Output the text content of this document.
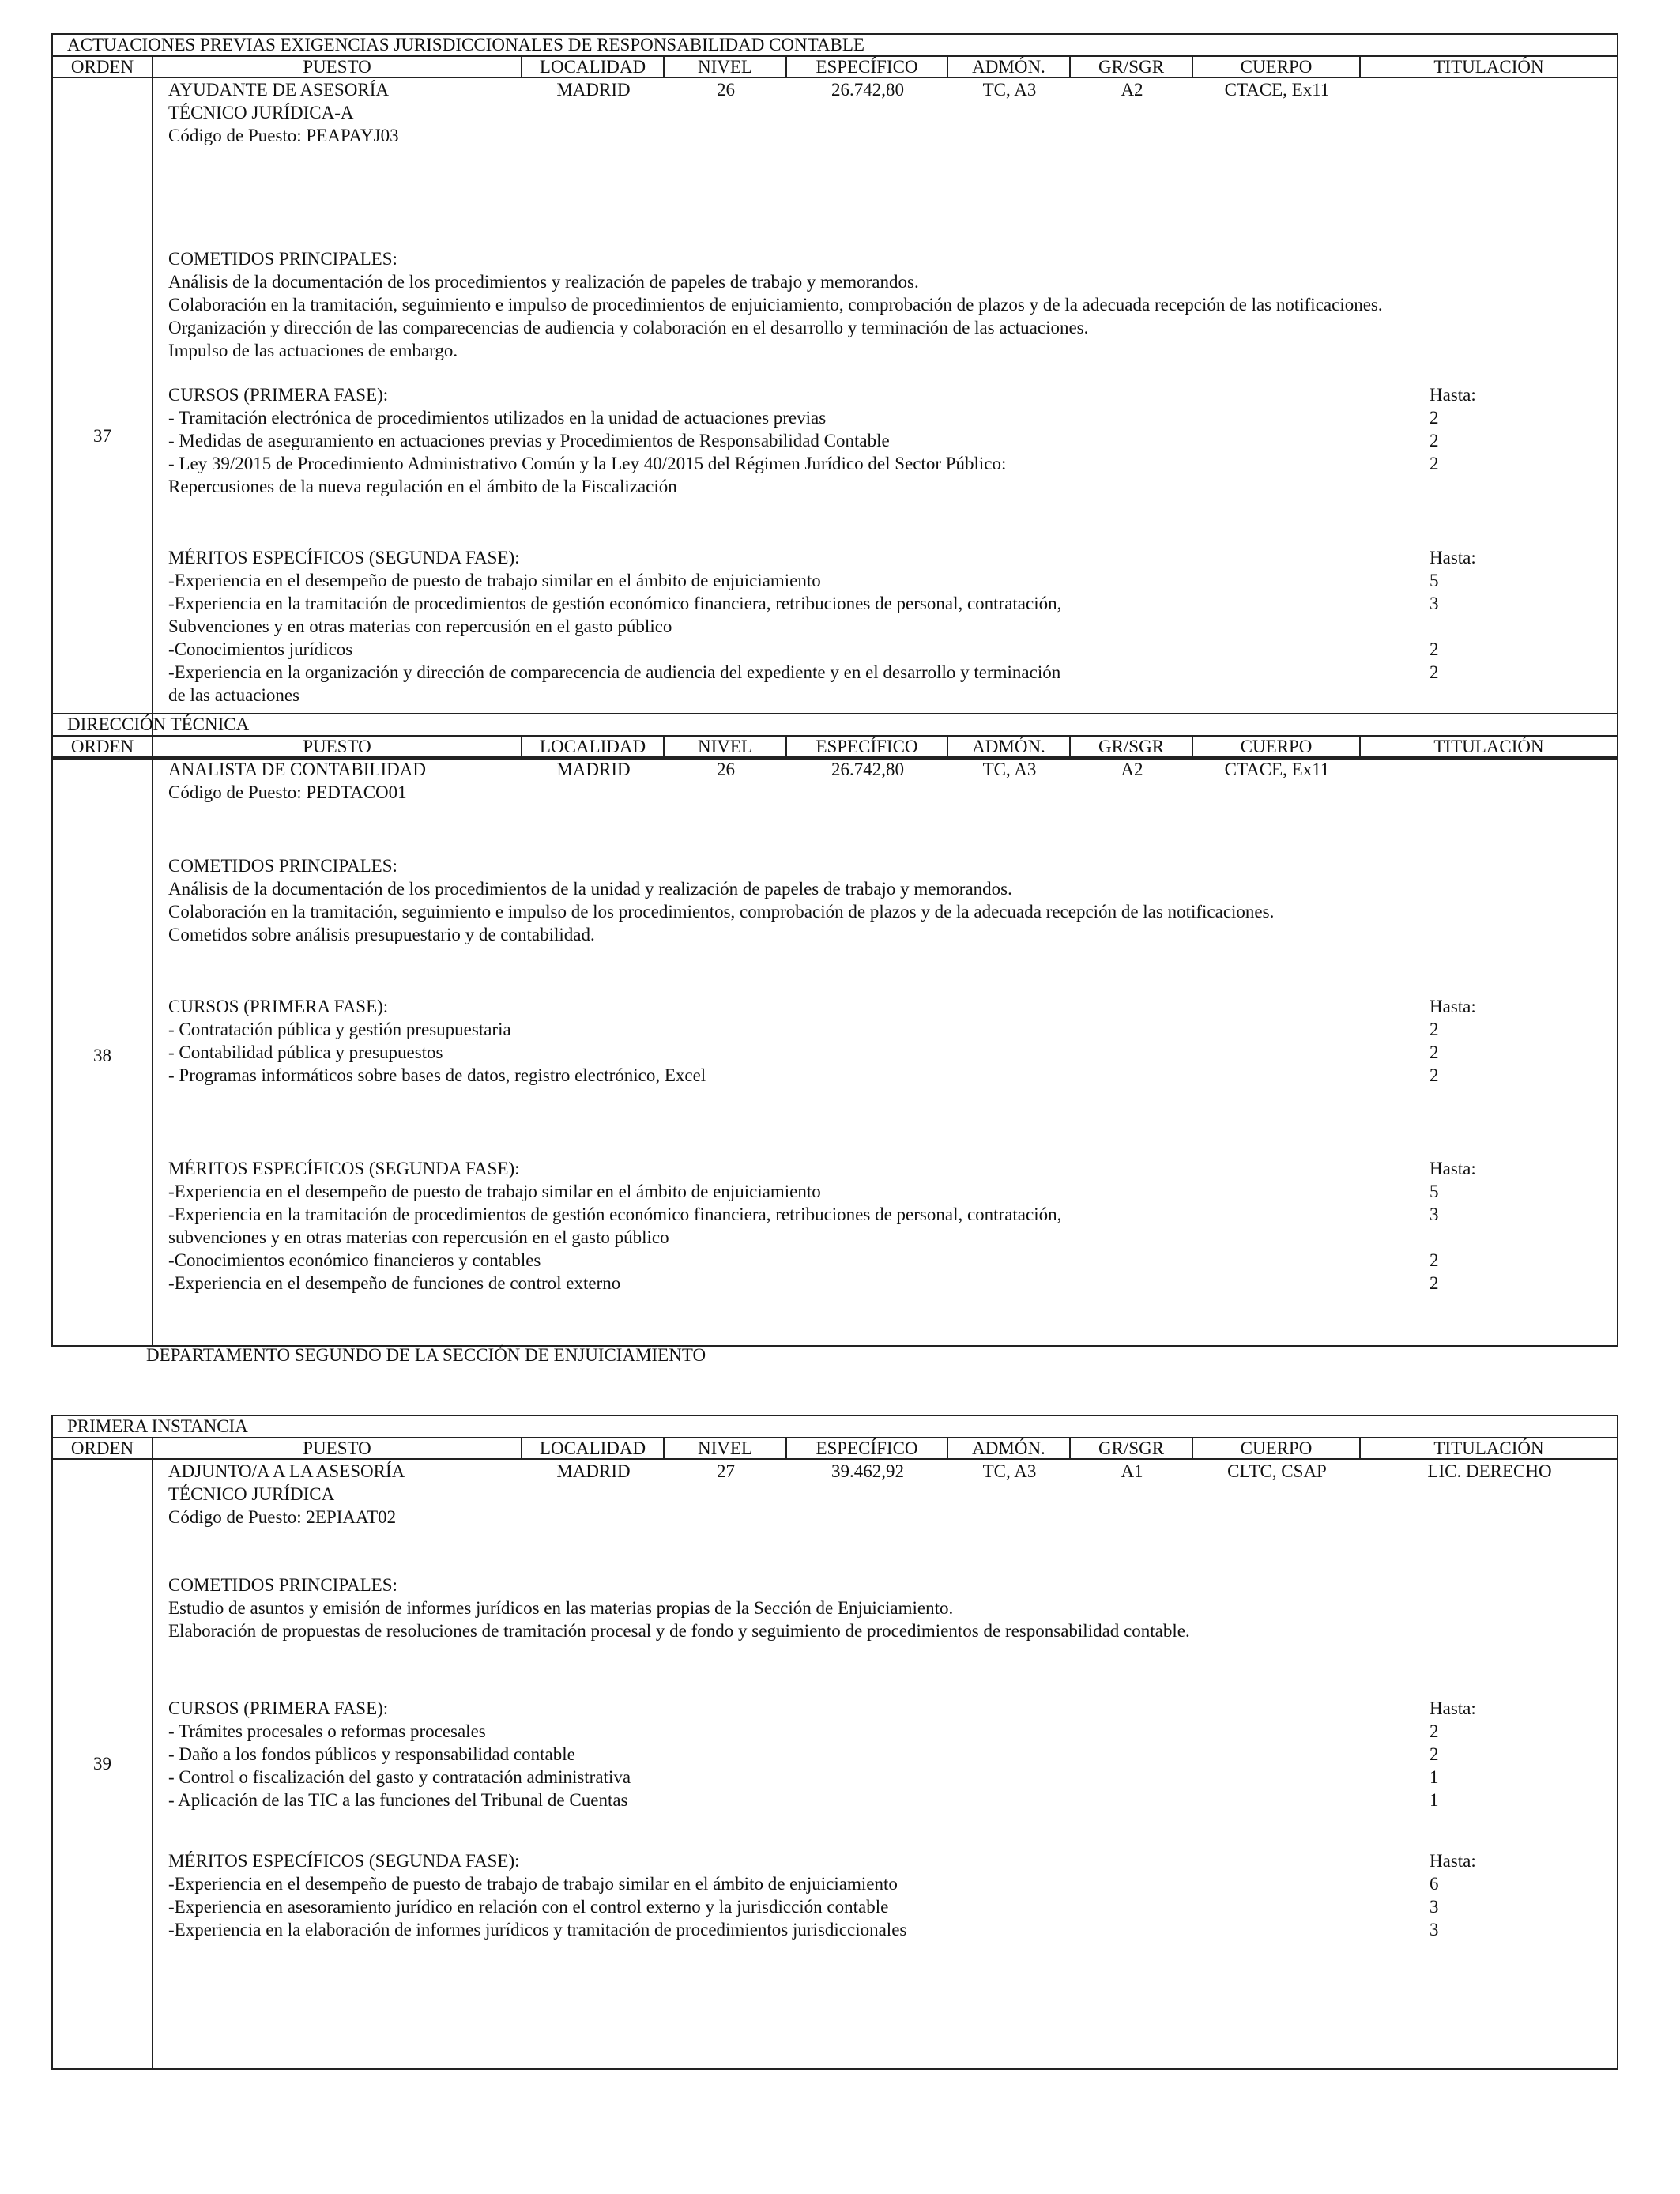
ACTUACIONES PREVIAS EXIGENCIAS JURISDICCIONALES DE RESPONSABILIDAD CONTABLE
ORDEN	PUESTO	LOCALIDAD	NIVEL	ESPECÍFICO	ADMÓN.	GR/SGR	CUERPO	TITULACIÓN
37
AYUDANTE DE ASESORÍA
TÉCNICO JURÍDICA-A
Código de Puesto: PEAPAYJ03
MADRID	26	26.742,80	TC, A3	A2	CTACE, Ex11
COMETIDOS PRINCIPALES:
Análisis de la documentación de los procedimientos y realización de papeles de trabajo y memorandos.
Colaboración en la tramitación, seguimiento e impulso de procedimientos de enjuiciamiento, comprobación de plazos y de la adecuada recepción de las notificaciones.
Organización y dirección de las comparecencias de audiencia y colaboración en el desarrollo y terminación de las actuaciones.
Impulso de las actuaciones de embargo.
CURSOS (PRIMERA FASE):	Hasta:
- Tramitación electrónica de procedimientos utilizados en la unidad de actuaciones previas	2
- Medidas de aseguramiento en actuaciones previas y Procedimientos de Responsabilidad Contable	2
- Ley 39/2015 de Procedimiento Administrativo Común y la Ley 40/2015 del Régimen Jurídico del Sector Público:	2
Repercusiones de la nueva regulación en el ámbito de la Fiscalización
MÉRITOS ESPECÍFICOS (SEGUNDA FASE):	Hasta:
-Experiencia en el desempeño de puesto de trabajo similar en el ámbito de enjuiciamiento	5
-Experiencia en la tramitación de procedimientos de gestión económico financiera, retribuciones de personal, contratación,	3
Subvenciones y en otras materias con repercusión en el gasto público
-Conocimientos jurídicos	2
-Experiencia en la organización y dirección de comparecencia de audiencia del expediente y en el desarrollo y terminación	2
de las actuaciones
DIRECCIÓN TÉCNICA
ORDEN	PUESTO	LOCALIDAD	NIVEL	ESPECÍFICO	ADMÓN.	GR/SGR	CUERPO	TITULACIÓN
38
ANALISTA DE CONTABILIDAD
Código de Puesto: PEDTACO01
MADRID	26	26.742,80	TC, A3	A2	CTACE, Ex11
COMETIDOS PRINCIPALES:
Análisis de la documentación de los procedimientos de la unidad y realización de papeles de trabajo y memorandos.
Colaboración en la tramitación, seguimiento e impulso de los procedimientos, comprobación de plazos y de la adecuada recepción de las notificaciones.
Cometidos sobre análisis presupuestario y de contabilidad.
CURSOS (PRIMERA FASE):	Hasta:
- Contratación pública y gestión presupuestaria	2
- Contabilidad pública y presupuestos	2
- Programas informáticos sobre bases de datos, registro electrónico, Excel	2
MÉRITOS ESPECÍFICOS (SEGUNDA FASE):	Hasta:
-Experiencia en el desempeño de puesto de trabajo similar en el ámbito de enjuiciamiento	5
-Experiencia en la tramitación de procedimientos de gestión económico financiera, retribuciones de personal, contratación,	3
subvenciones y en otras materias con repercusión en el gasto público
-Conocimientos económico financieros y contables	2
-Experiencia en el desempeño de funciones de control externo	2
PRIMERA INSTANCIA
ORDEN	PUESTO	LOCALIDAD	NIVEL	ESPECÍFICO	ADMÓN.	GR/SGR	CUERPO	TITULACIÓN
39
ADJUNTO/A A LA ASESORÍA
TÉCNICO JURÍDICA
Código de Puesto: 2EPIAAT02
MADRID	27	39.462,92	TC, A3	A1	CLTC, CSAP	LIC. DERECHO
COMETIDOS PRINCIPALES:
Estudio de asuntos y emisión de informes jurídicos en las materias propias de la Sección de Enjuiciamiento.
Elaboración de propuestas de resoluciones de tramitación procesal y de fondo y seguimiento de procedimientos de responsabilidad contable.
CURSOS (PRIMERA FASE):	Hasta:
- Trámites procesales o reformas procesales	2
- Daño a los fondos públicos y responsabilidad contable	2
- Control o fiscalización del gasto y contratación administrativa	1
- Aplicación de las TIC a las funciones del Tribunal de Cuentas	1
MÉRITOS ESPECÍFICOS (SEGUNDA FASE):	Hasta:
-Experiencia en el desempeño de puesto de trabajo de trabajo similar en el ámbito de enjuiciamiento	6
-Experiencia en asesoramiento jurídico en relación con el control externo y la jurisdicción contable	3
-Experiencia en la elaboración de informes jurídicos y tramitación de procedimientos jurisdiccionales	3
DEPARTAMENTO SEGUNDO DE LA SECCIÓN DE ENJUICIAMIENTO
